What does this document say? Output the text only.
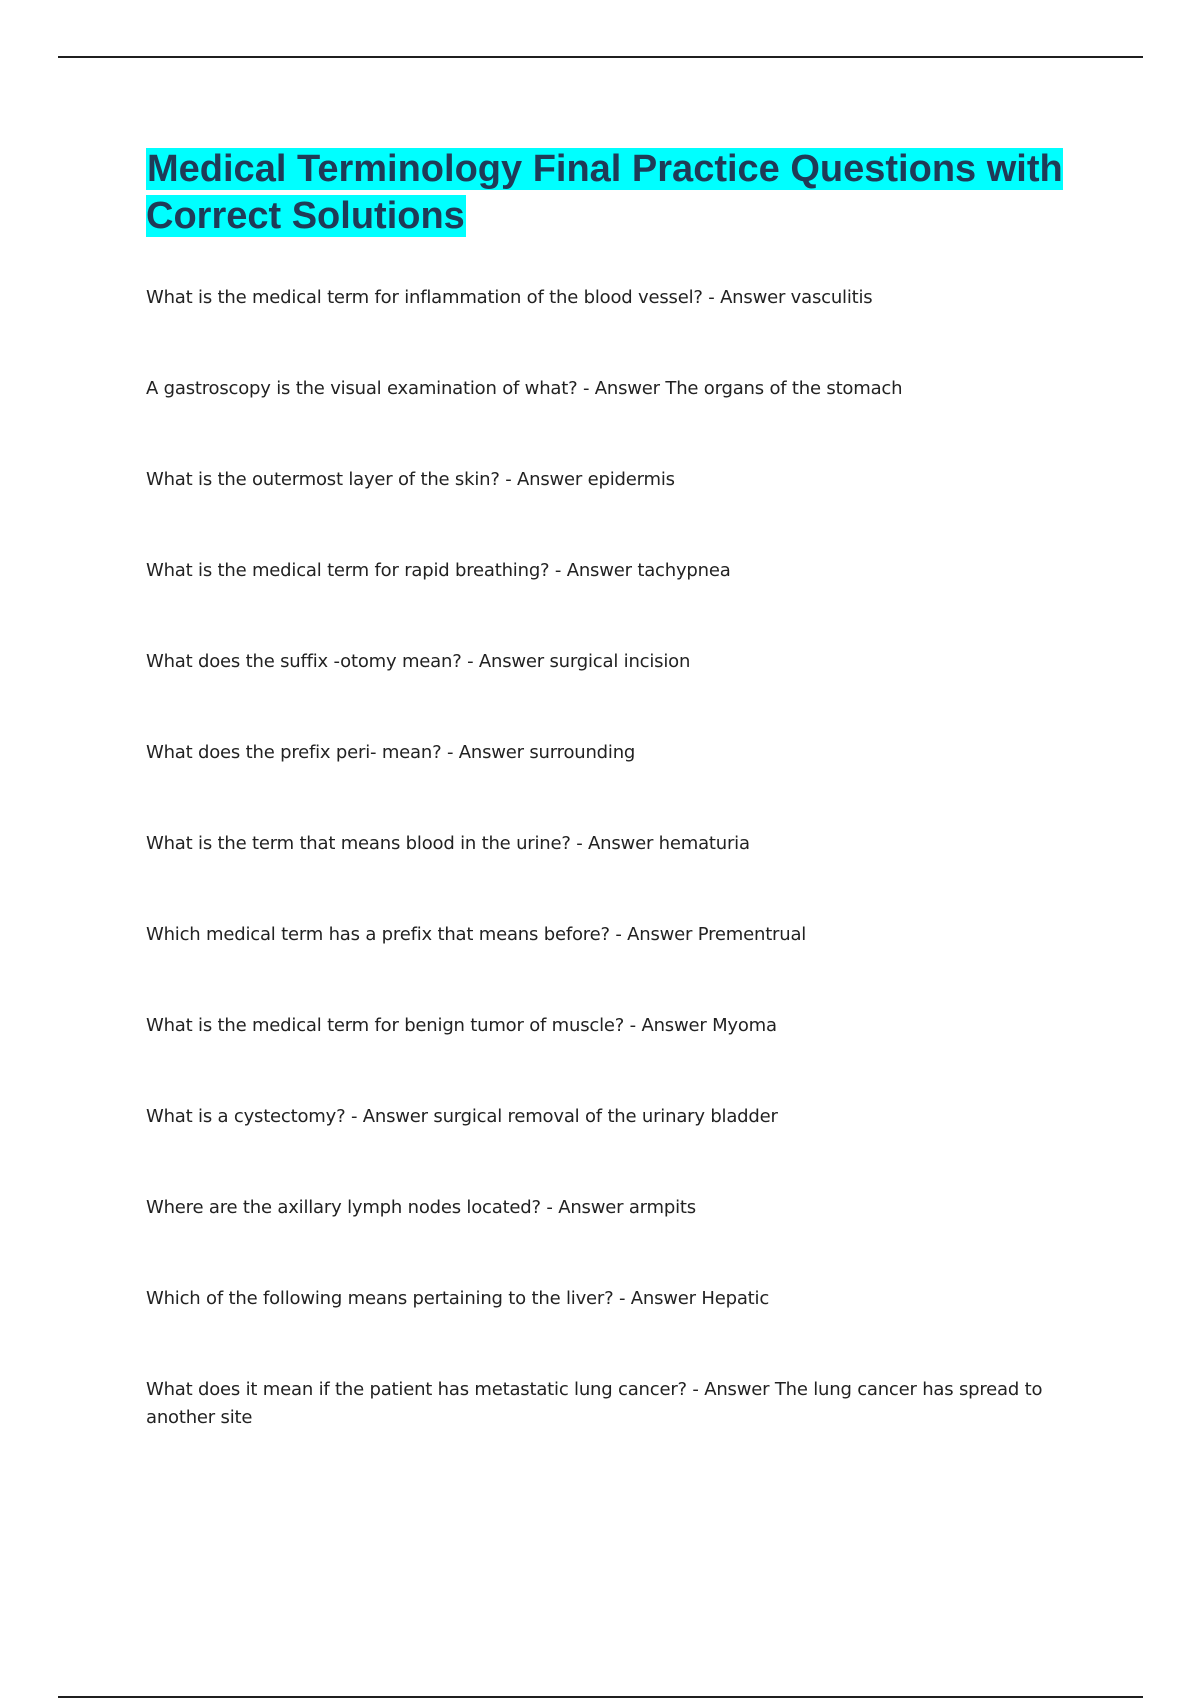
Medical Terminology Final Practice Questions with Correct Solutions
What is the medical term for inflammation of the blood vessel? - Answer vasculitis
A gastroscopy is the visual examination of what? - Answer The organs of the stomach
What is the outermost layer of the skin? - Answer epidermis
What is the medical term for rapid breathing? - Answer tachypnea
What does the suffix -otomy mean? - Answer surgical incision
What does the prefix peri- mean? - Answer surrounding
What is the term that means blood in the urine? - Answer hematuria
Which medical term has a prefix that means before? - Answer Prementrual
What is the medical term for benign tumor of muscle? - Answer Myoma
What is a cystectomy? - Answer surgical removal of the urinary bladder
Where are the axillary lymph nodes located? - Answer armpits
Which of the following means pertaining to the liver? - Answer Hepatic
What does it mean if the patient has metastatic lung cancer? - Answer The lung cancer has spread to another site
